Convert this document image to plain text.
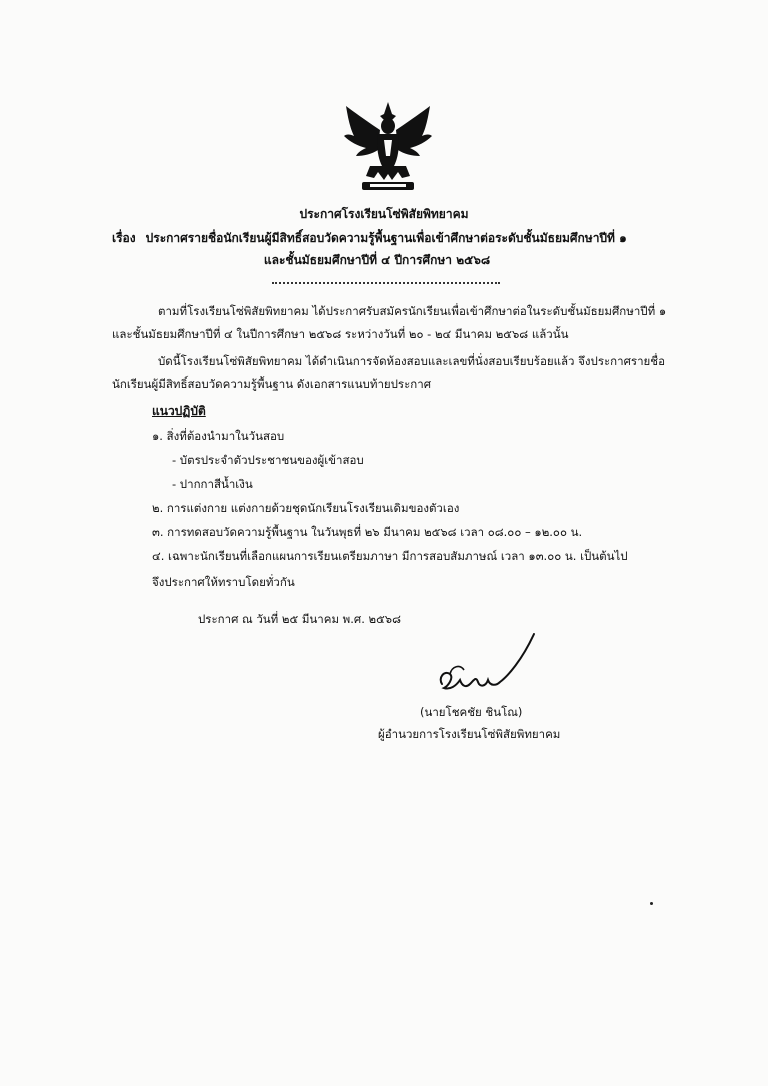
ประกาศโรงเรียนโซ่พิสัยพิทยาคม
เรื่อง ประกาศรายชื่อนักเรียนผู้มีสิทธิ์สอบวัดความรู้พื้นฐานเพื่อเข้าศึกษาต่อระดับชั้นมัธยมศึกษาปีที่ ๑
และชั้นมัธยมศึกษาปีที่ ๔ ปีการศึกษา ๒๕๖๘
ตามที่โรงเรียนโซ่พิสัยพิทยาคม ได้ประกาศรับสมัครนักเรียนเพื่อเข้าศึกษาต่อในระดับชั้นมัธยมศึกษาปีที่ ๑ และชั้นมัธยมศึกษาปีที่ ๔ ในปีการศึกษา ๒๕๖๘ ระหว่างวันที่ ๒๐ - ๒๔ มีนาคม ๒๕๖๘ แล้วนั้น
บัดนี้โรงเรียนโซ่พิสัยพิทยาคม ได้ดำเนินการจัดห้องสอบและเลขที่นั่งสอบเรียบร้อยแล้ว จึงประกาศรายชื่อนักเรียนผู้มีสิทธิ์สอบวัดความรู้พื้นฐาน ดังเอกสารแนบท้ายประกาศ
แนวปฏิบัติ
๑. สิ่งที่ต้องนำมาในวันสอบ
- บัตรประจำตัวประชาชนของผู้เข้าสอบ
- ปากกาสีน้ำเงิน
๒. การแต่งกาย แต่งกายด้วยชุดนักเรียนโรงเรียนเดิมของตัวเอง
๓. การทดสอบวัดความรู้พื้นฐาน ในวันพุธที่ ๒๖ มีนาคม ๒๕๖๘ เวลา ๐๘.๐๐ – ๑๒.๐๐ น.
๔. เฉพาะนักเรียนที่เลือกแผนการเรียนเตรียมภาษา มีการสอบสัมภาษณ์ เวลา ๑๓.๐๐ น. เป็นต้นไป
จึงประกาศให้ทราบโดยทั่วกัน
ประกาศ ณ วันที่ ๒๕ มีนาคม พ.ศ. ๒๕๖๘
(นายโชคชัย ชินโณ)
ผู้อำนวยการโรงเรียนโซ่พิสัยพิทยาคม
